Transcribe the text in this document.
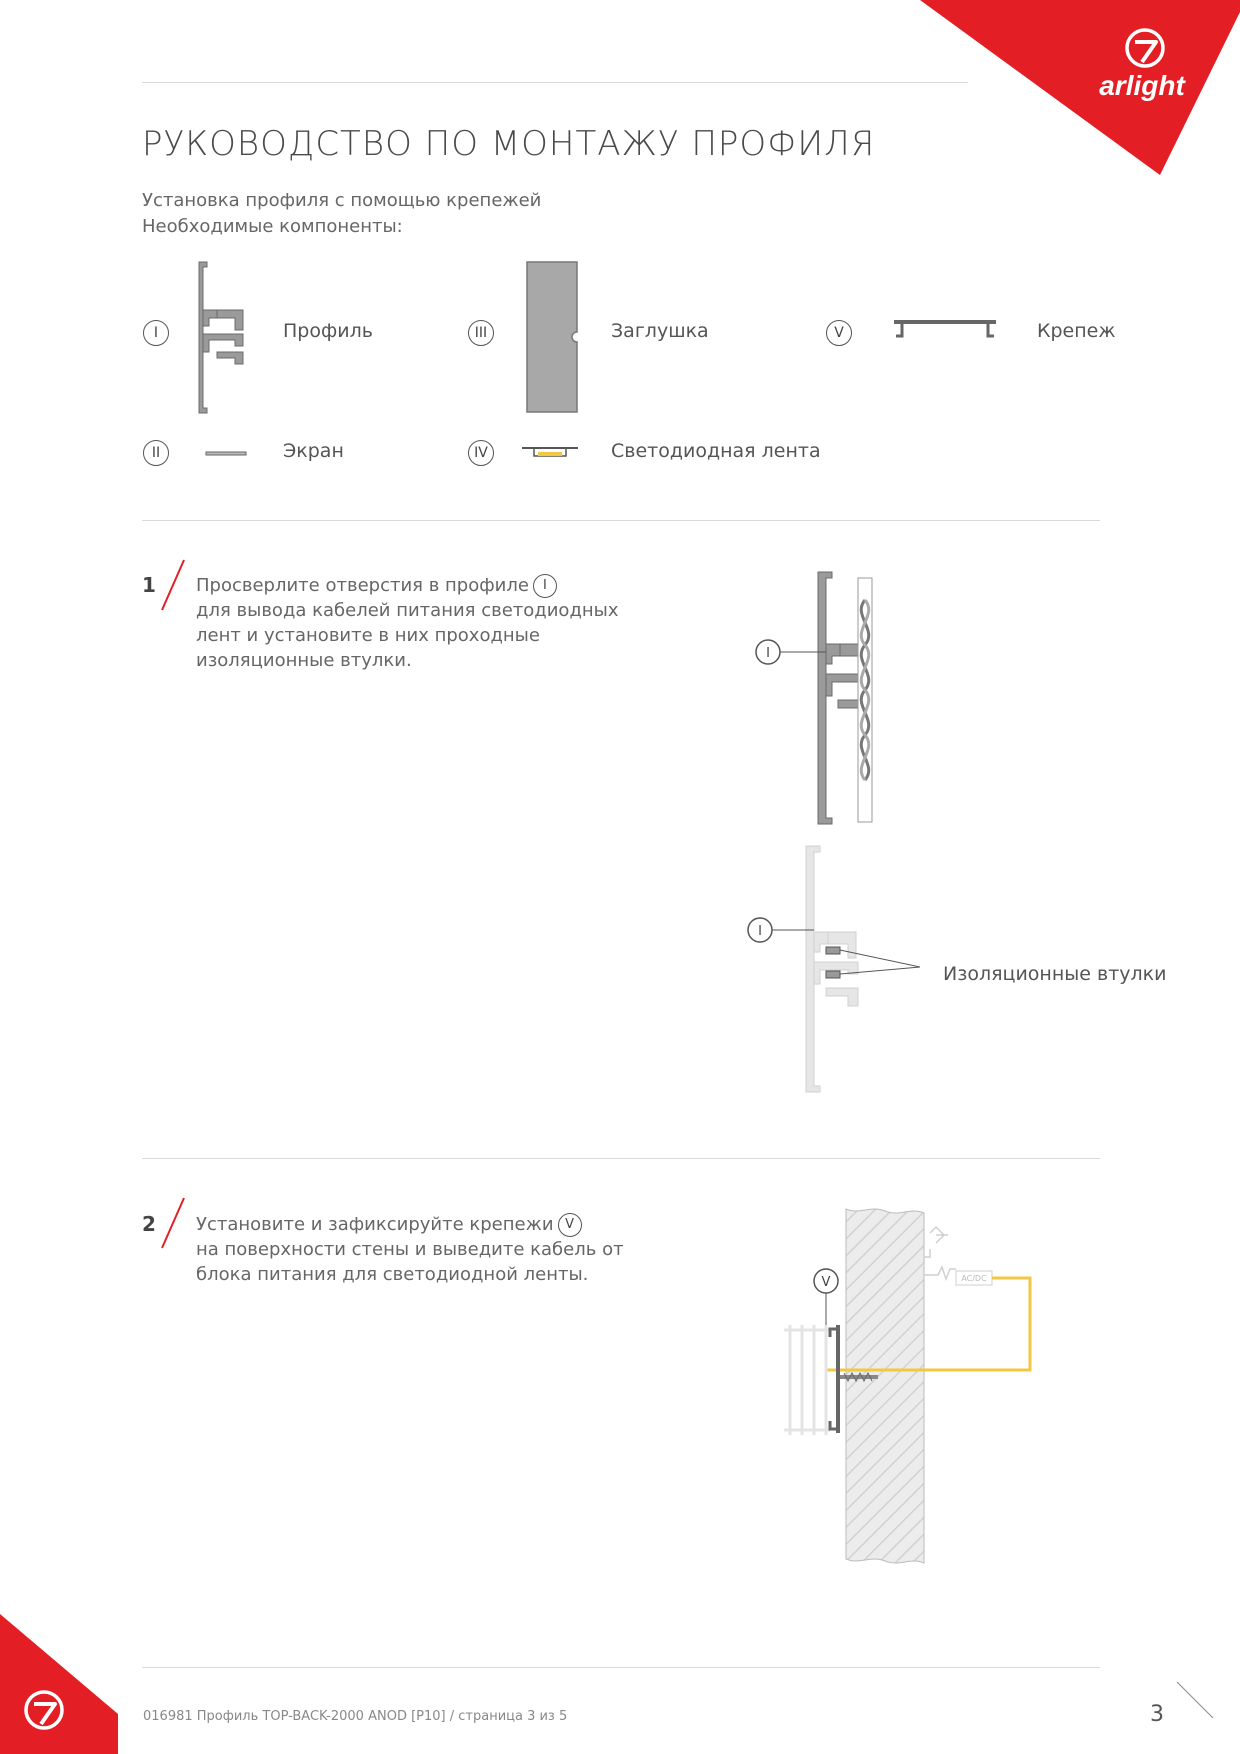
arlight
РУКОВОДСТВО ПО МОНТАЖУ ПРОФИЛЯ
Установка профиля с помощью крепежей
Необходимые компоненты:
I	Профиль
II	Экран
III	Заглушка
IV	Светодиодная лента
V	Крепеж
1 Просверлите отверстия в профиле I
для вывода кабелей питания светодиодных лент и установите в них проходные изоляционные втулки.	I
I
Изоляционные втулки
2 Установите и зафиксируйте крепежи V
на поверхности стены и выведите кабель от блока питания для светодиодной ленты.	AC/DC
V
016981 Профиль TOP-BACK-2000 ANOD [P10] / страница 3 из 5	3
